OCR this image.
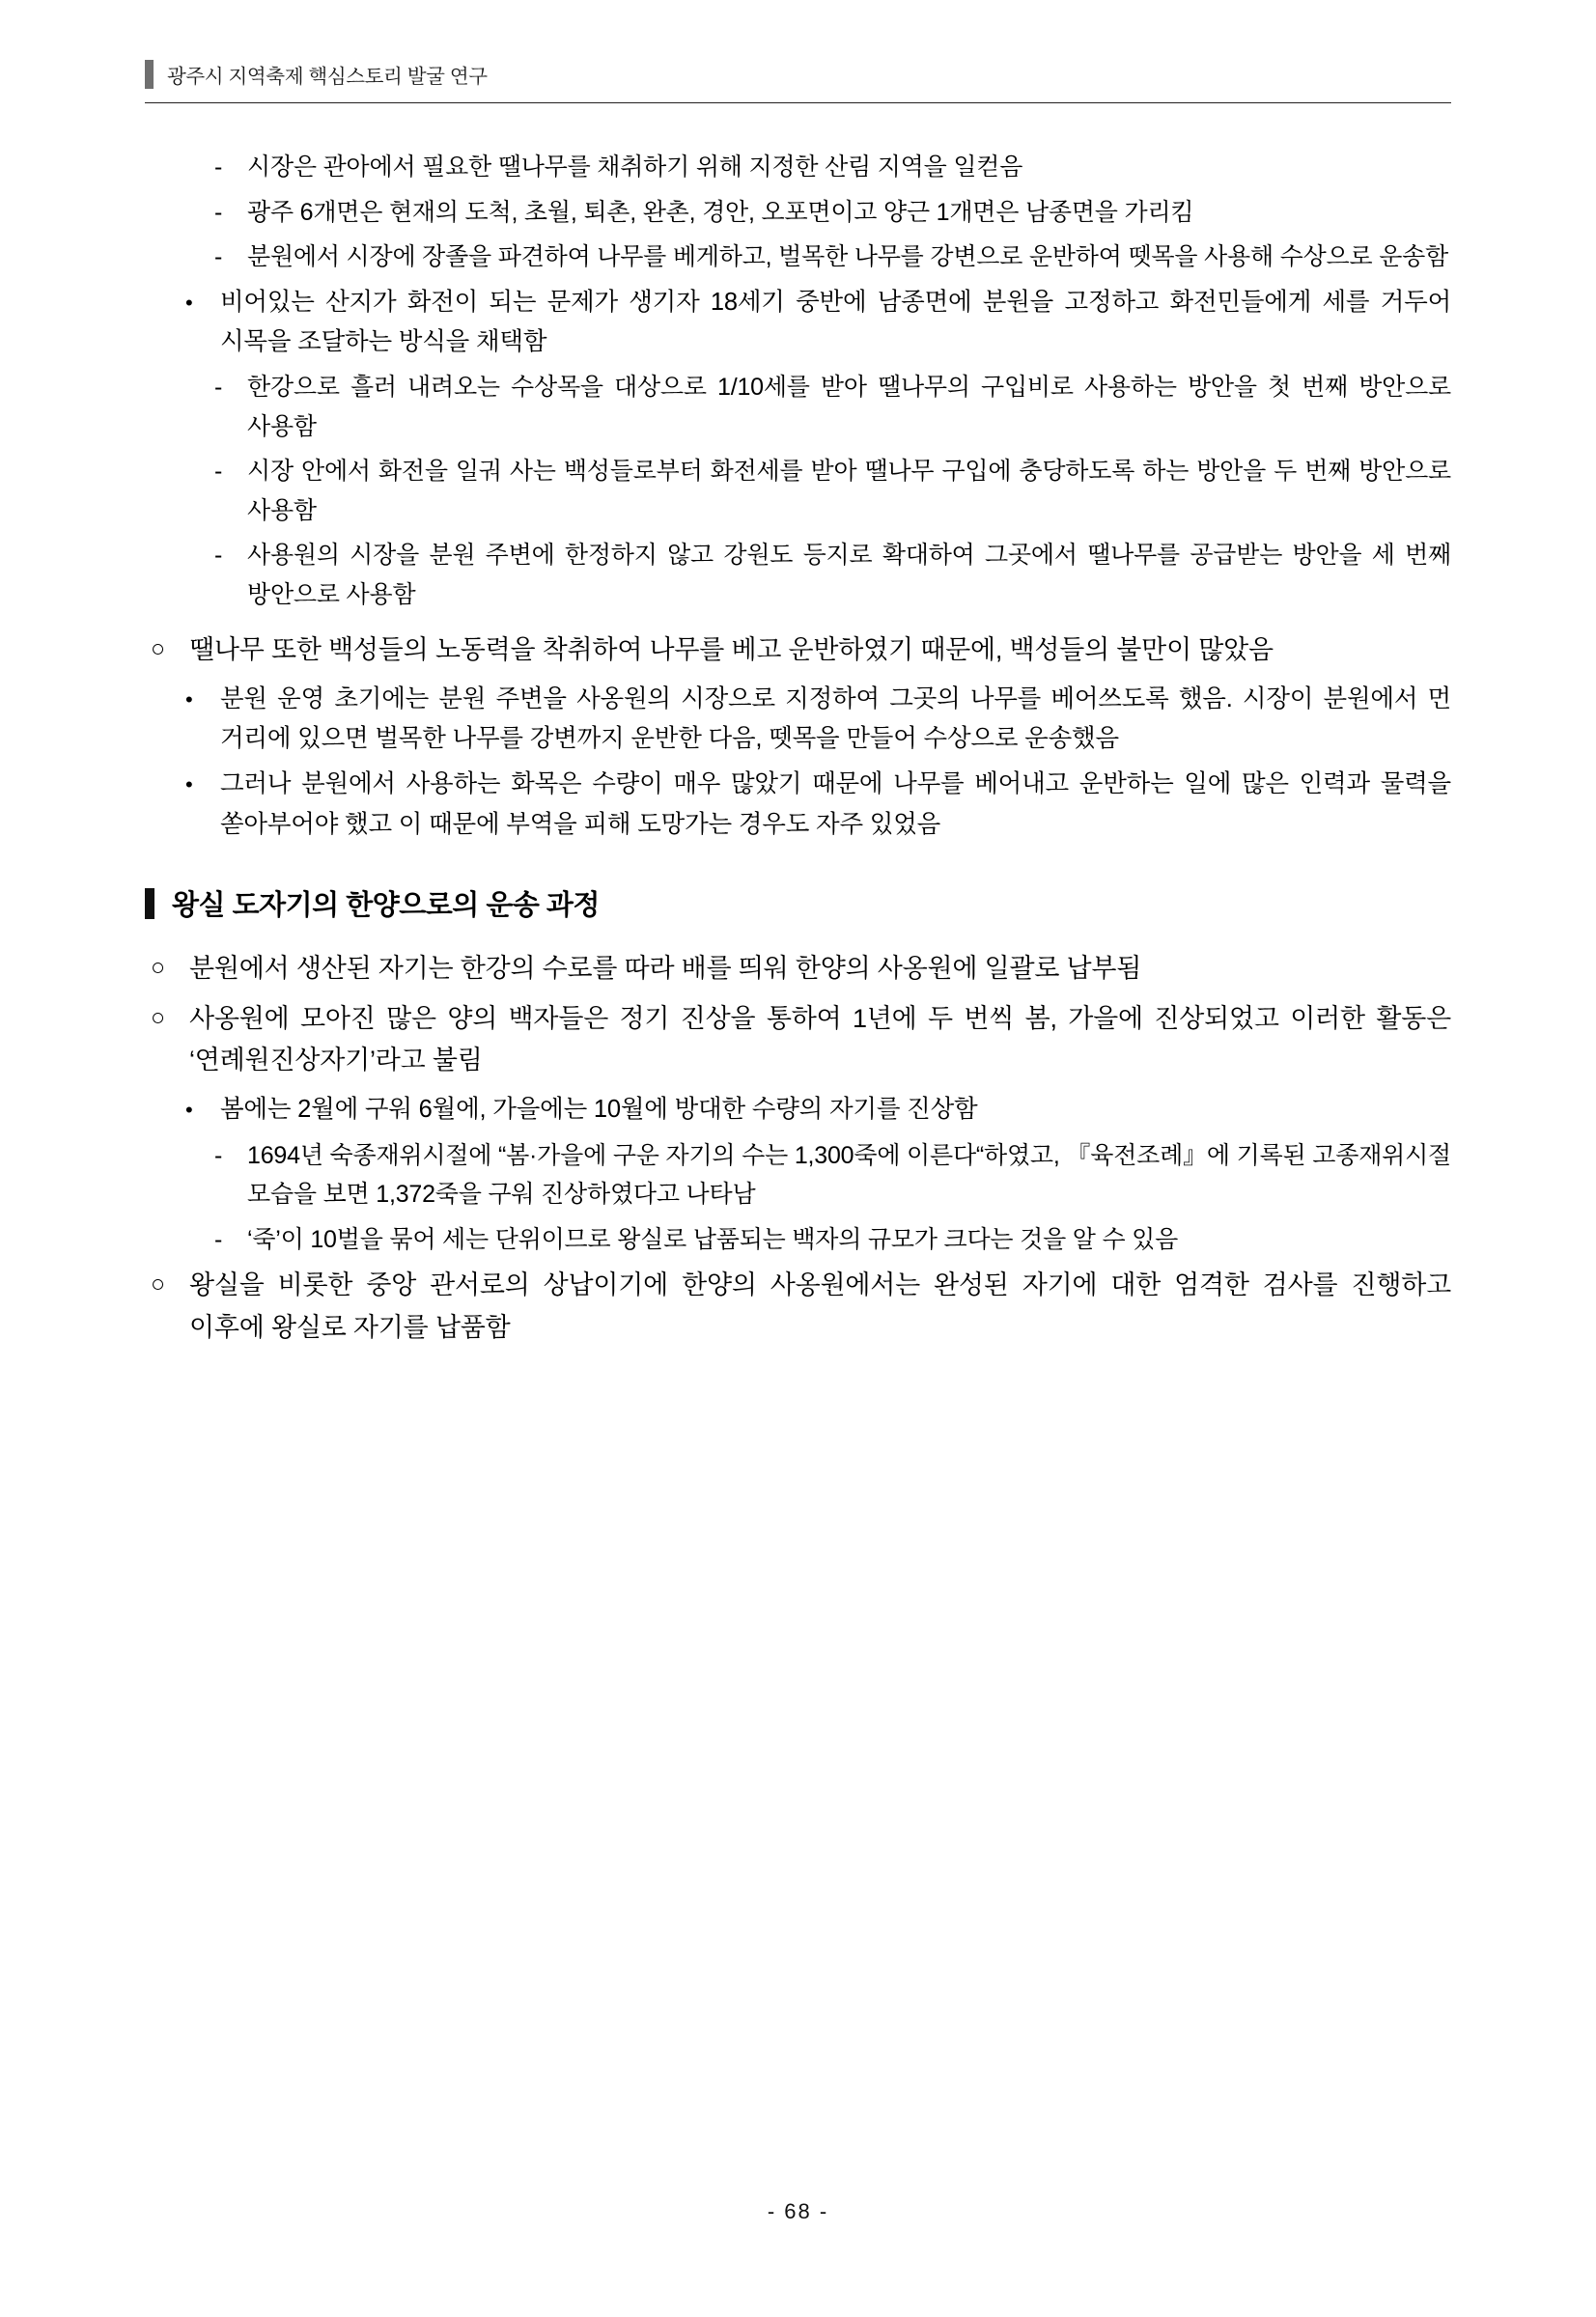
광주시 지역축제 핵심스토리 발굴 연구
-	시장은 관아에서 필요한 땔나무를 채취하기 위해 지정한 산림 지역을 일컫음
-	광주 6개면은 현재의 도척, 초월, 퇴촌, 완촌, 경안, 오포면이고 양근 1개면은 남종면을 가리킴
-	분원에서 시장에 장졸을 파견하여 나무를 베게하고, 벌목한 나무를 강변으로 운반하여 뗏목을 사용해 수상으로 운송함
•	비어있는 산지가 화전이 되는 문제가 생기자 18세기 중반에 남종면에 분원을 고정하고 화전민들에게 세를 거두어 시목을 조달하는 방식을 채택함
-	한강으로 흘러 내려오는 수상목을 대상으로 1/10세를 받아 땔나무의 구입비로 사용하는 방안을 첫 번째 방안으로 사용함
-	시장 안에서 화전을 일궈 사는 백성들로부터 화전세를 받아 땔나무 구입에 충당하도록 하는 방안을 두 번째 방안으로 사용함
-	사용원의 시장을 분원 주변에 한정하지 않고 강원도 등지로 확대하여 그곳에서 땔나무를 공급받는 방안을 세 번째 방안으로 사용함
○ 땔나무 또한 백성들의 노동력을 착취하여 나무를 베고 운반하였기 때문에, 백성들의 불만이 많았음
•	분원 운영 초기에는 분원 주변을 사옹원의 시장으로 지정하여 그곳의 나무를 베어쓰도록 했음. 시장이 분원에서 먼 거리에 있으면 벌목한 나무를 강변까지 운반한 다음, 뗏목을 만들어 수상으로 운송했음
•	그러나 분원에서 사용하는 화목은 수량이 매우 많았기 때문에 나무를 베어내고 운반하는 일에 많은 인력과 물력을 쏟아부어야 했고 이 때문에 부역을 피해 도망가는 경우도 자주 있었음
왕실 도자기의 한양으로의 운송 과정
○ 분원에서 생산된 자기는 한강의 수로를 따라 배를 띄워 한양의 사옹원에 일괄로 납부됨
○ 사옹원에 모아진 많은 양의 백자들은 정기 진상을 통하여 1년에 두 번씩 봄, 가을에 진상되었고 이러한 활동은 ‘연례원진상자기’라고 불림
•	봄에는 2월에 구워 6월에, 가을에는 10월에 방대한 수량의 자기를 진상함
-	1694년 숙종재위시절에 “봄·가을에 구운 자기의 수는 1,300죽에 이른다“하였고, 『육전조례』에 기록된 고종재위시절 모습을 보면 1,372죽을 구워 진상하였다고 나타남
-	‘죽’이 10벌을 묶어 세는 단위이므로 왕실로 납품되는 백자의 규모가 크다는 것을 알 수 있음
○ 왕실을 비롯한 중앙 관서로의 상납이기에 한양의 사옹원에서는 완성된 자기에 대한 엄격한 검사를 진행하고 이후에 왕실로 자기를 납품함
- 68 -
